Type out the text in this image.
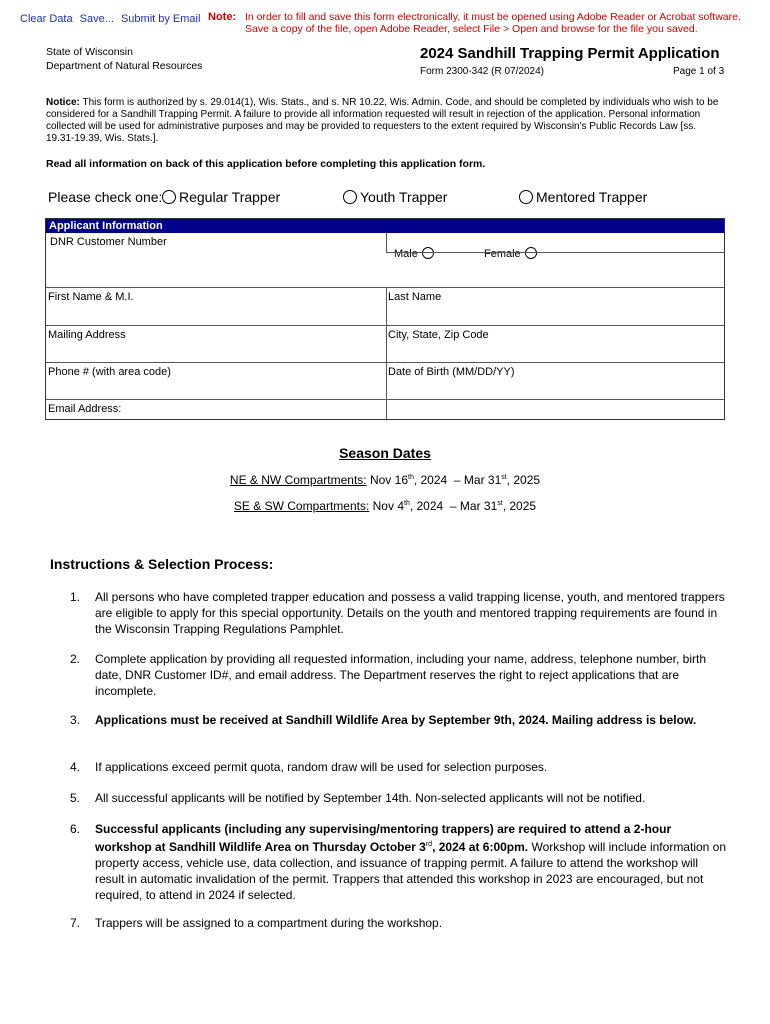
Clear Data Save... Submit by Email Note: In order to fill and save this form electronically, it must be opened using Adobe Reader or Acrobat software.
Save a copy of the file, open Adobe Reader, select File > Open and browse for the file you saved.
State of Wisconsin
Department of Natural Resources
2024 Sandhill Trapping Permit Application
Form 2300-342 (R 07/2024)	Page 1 of 3
Notice: This form is authorized by s. 29.014(1), Wis. Stats., and s. NR 10.22, Wis. Admin. Code, and should be completed by individuals who wish to be considered for a Sandhill Trapping Permit. A failure to provide all information requested will result in rejection of the application. Personal information collected will be used for administrative purposes and may be provided to requesters to the extent required by Wisconsin's Public Records Law [ss. 19.31-19.39, Wis. Stats.].
Read all information on back of this application before completing this application form.
Please check one:	Regular Trapper	Youth Trapper	Mentored Trapper
Applicant Information
DNR Customer Number
Male	Female
First Name & M.I.	Last Name
Mailing Address	City, State, Zip Code
Phone # (with area code)	Date of Birth (MM/DD/YY)
Email Address:
Season Dates
NE & NW Compartments: Nov 16th, 2024 – Mar 31st, 2025
SE & SW Compartments: Nov 4th, 2024 – Mar 31st, 2025
Instructions & Selection Process:
1. All persons who have completed trapper education and possess a valid trapping license, youth, and mentored trappers are eligible to apply for this special opportunity. Details on the youth and mentored trapping requirements are found in the Wisconsin Trapping Regulations Pamphlet.
2. Complete application by providing all requested information, including your name, address, telephone number, birth date, DNR Customer ID#, and email address. The Department reserves the right to reject applications that are incomplete.
3. Applications must be received at Sandhill Wildlife Area by September 9th, 2024. Mailing address is below.
4. If applications exceed permit quota, random draw will be used for selection purposes.
5. All successful applicants will be notified by September 14th. Non-selected applicants will not be notified.
6. Successful applicants (including any supervising/mentoring trappers) are required to attend a 2-hour workshop at Sandhill Wildlife Area on Thursday October 3rd, 2024 at 6:00pm. Workshop will include information on property access, vehicle use, data collection, and issuance of trapping permit. A failure to attend the workshop will result in automatic invalidation of the permit. Trappers that attended this workshop in 2023 are encouraged, but not required, to attend in 2024 if selected.
7. Trappers will be assigned to a compartment during the workshop.
